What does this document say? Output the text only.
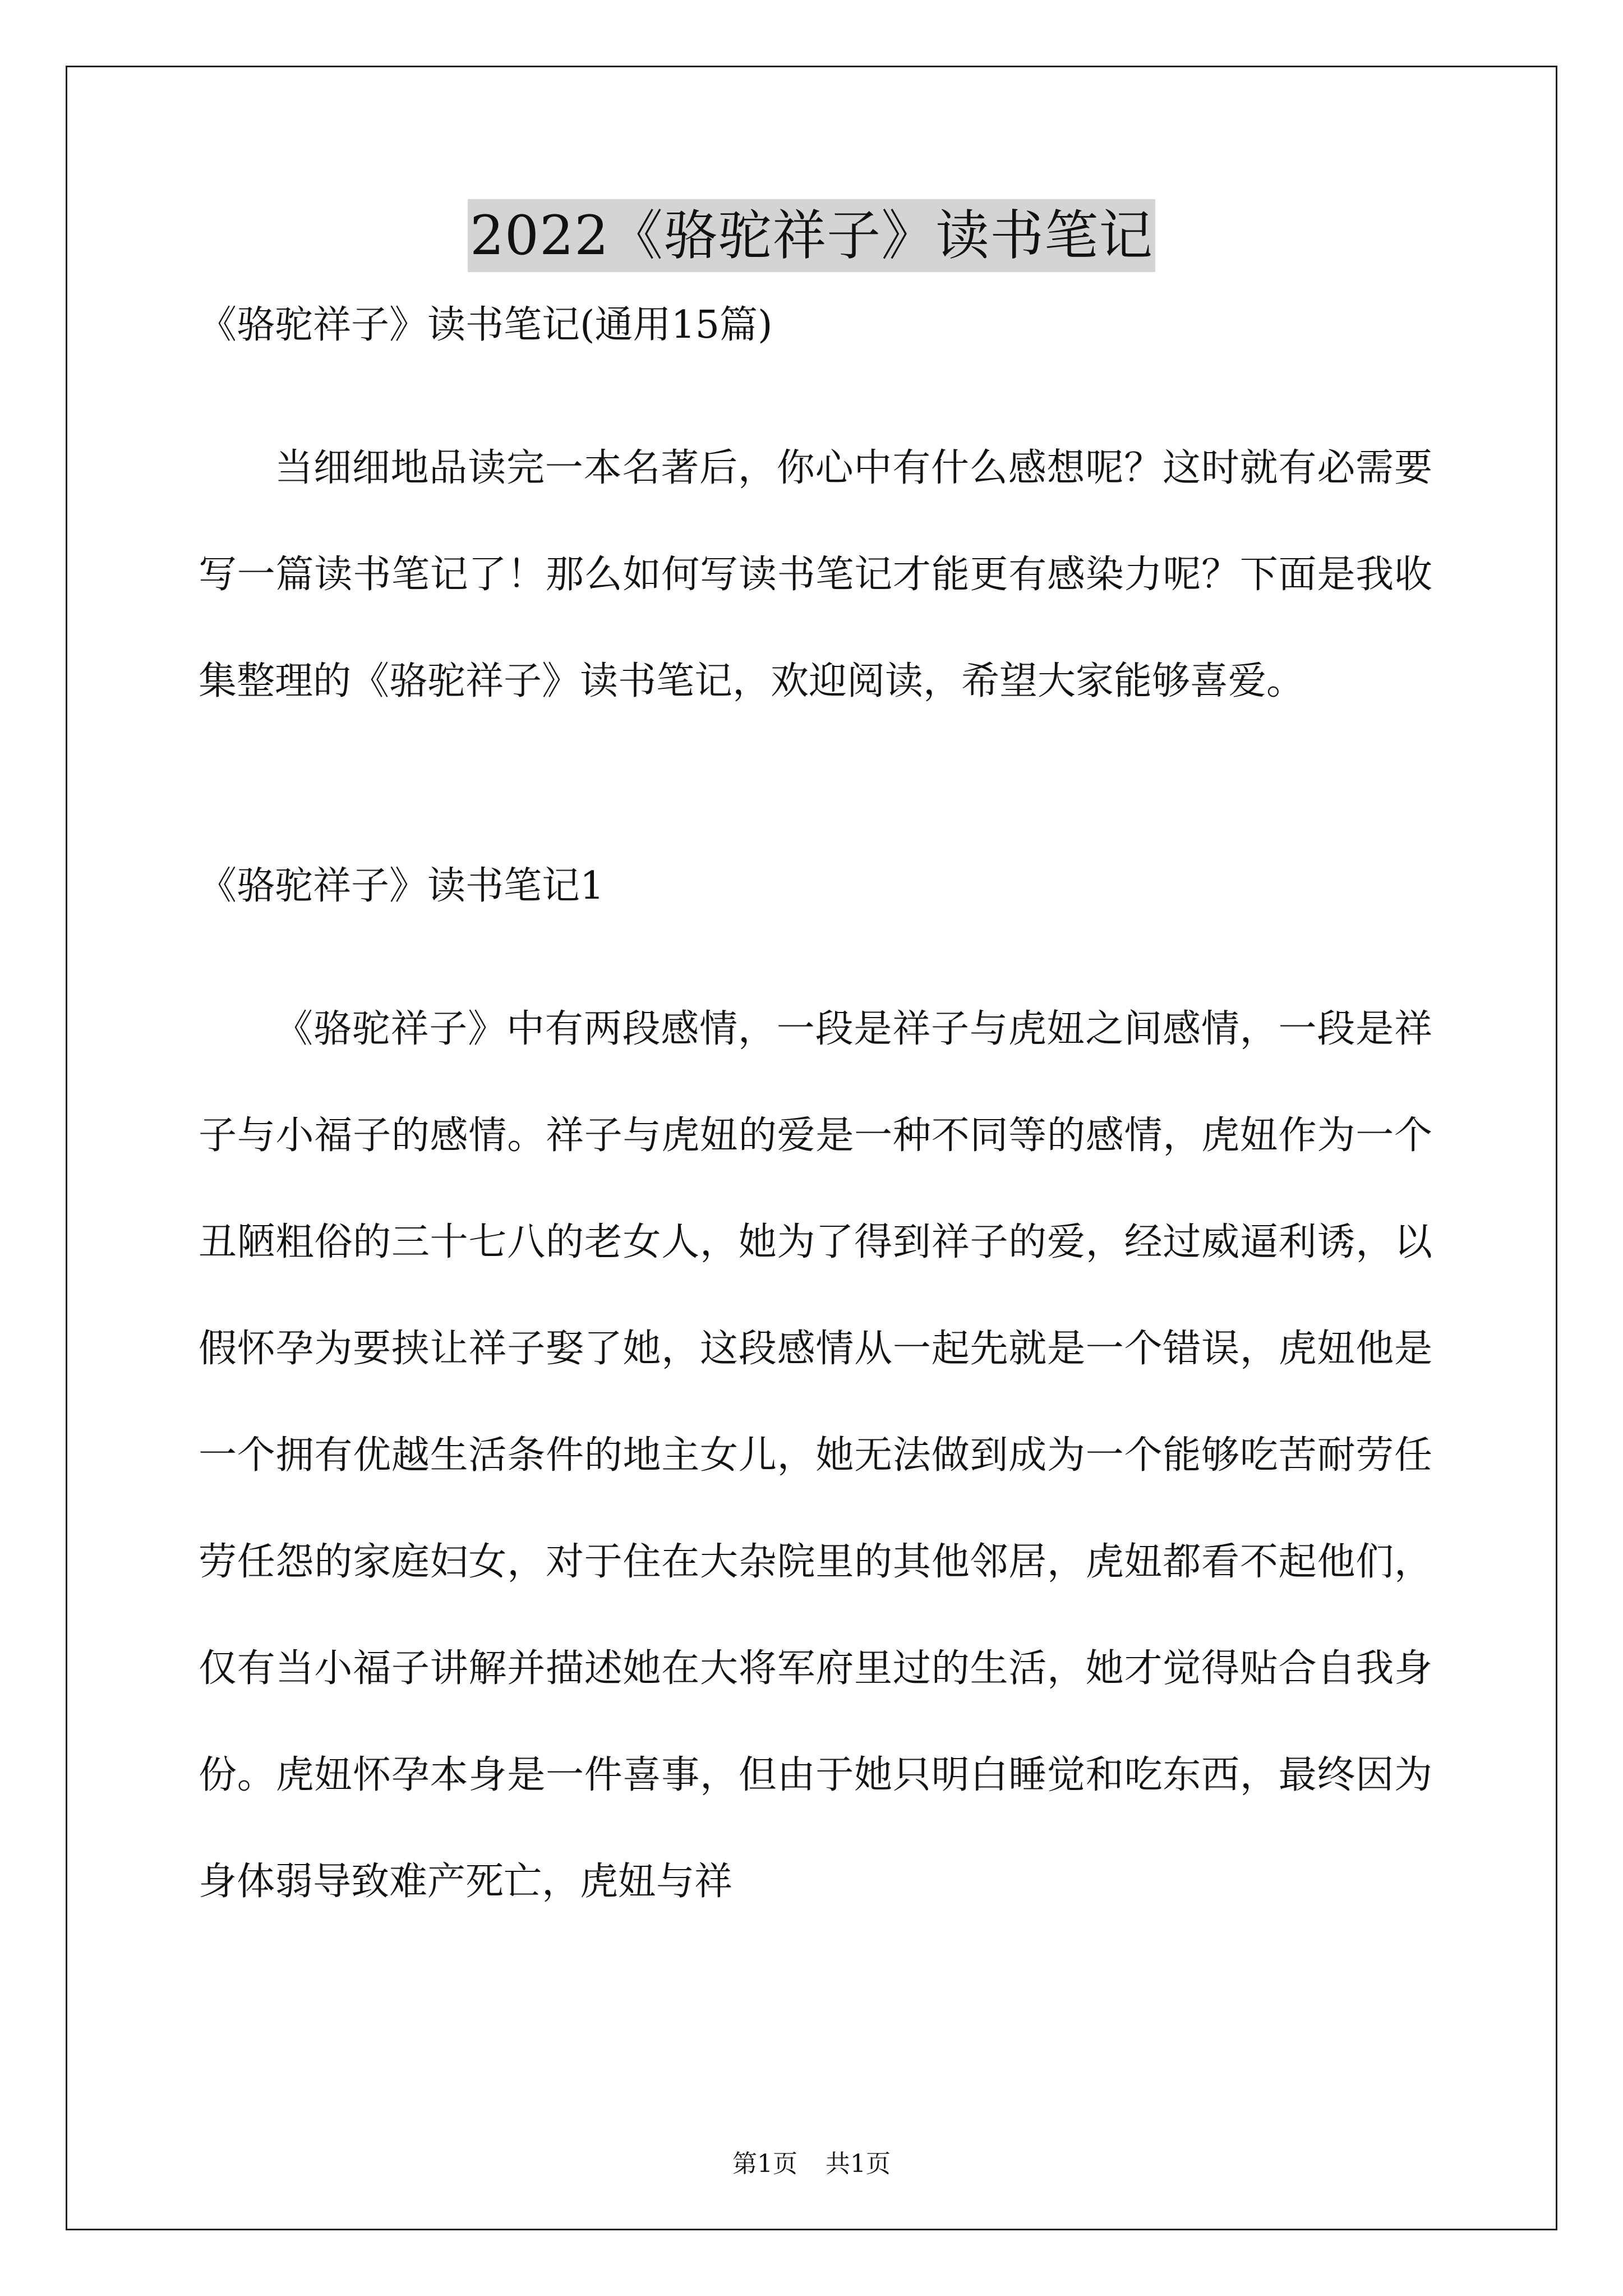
2022《骆驼祥子》读书笔记

《骆驼祥子》读书笔记(通用15篇)

当细细地品读完一本名著后，你心中有什么感想呢？这时就有必需要写一篇读书笔记了！那么如何写读书笔记才能更有感染力呢？下面是我收集整理的《骆驼祥子》读书笔记，欢迎阅读，希望大家能够喜爱。

《骆驼祥子》读书笔记1

《骆驼祥子》中有两段感情，一段是祥子与虎妞之间感情，一段是祥子与小福子的感情。祥子与虎妞的爱是一种不同等的感情，虎妞作为一个丑陋粗俗的三十七八的老女人，她为了得到祥子的爱，经过威逼利诱，以假怀孕为要挟让祥子娶了她，这段感情从一起先就是一个错误，虎妞他是一个拥有优越生活条件的地主女儿，她无法做到成为一个能够吃苦耐劳任劳任怨的家庭妇女，对于住在大杂院里的其他邻居，虎妞都看不起他们，仅有当小福子讲解并描述她在大将军府里过的生活，她才觉得贴合自我身份。虎妞怀孕本身是一件喜事，但由于她只明白睡觉和吃东西，最终因为身体弱导致难产死亡，虎妞与祥

第1页 共1页
